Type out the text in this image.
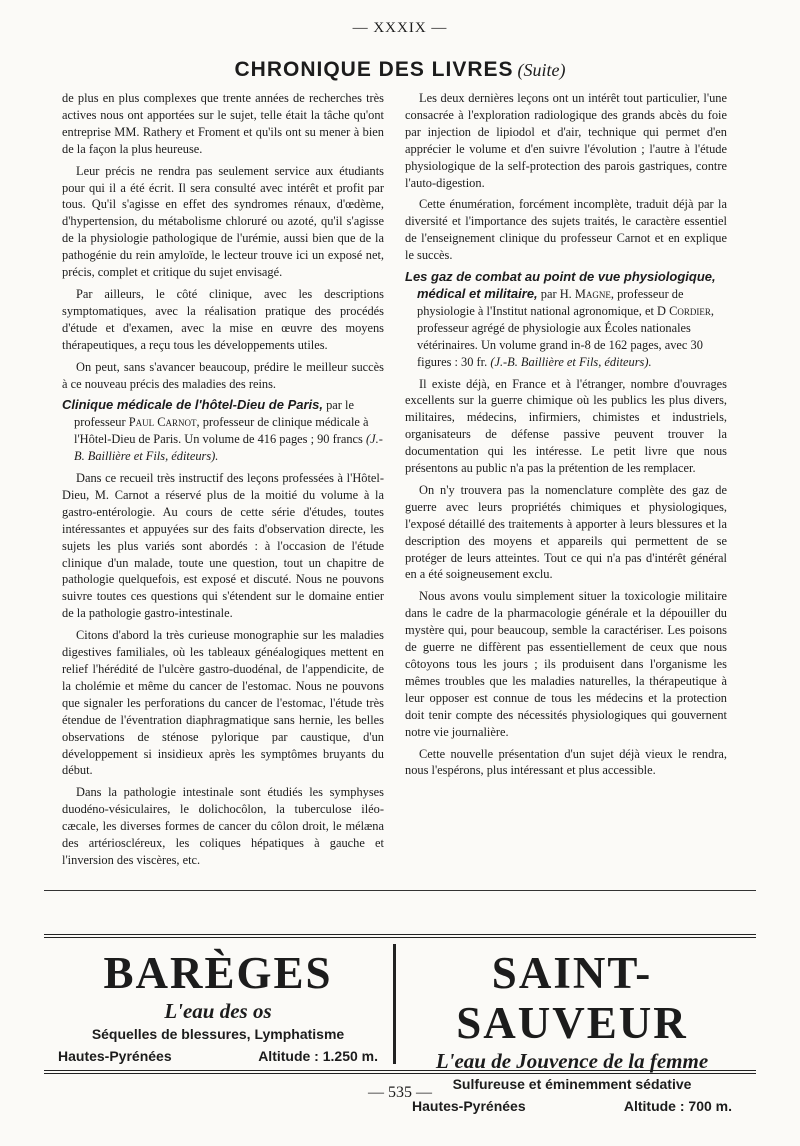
— XXXIX —
CHRONIQUE DES LIVRES (Suite)

de plus en plus complexes que trente années de recherches très actives nous ont apportées sur le sujet, telle était la tâche qu'ont entreprise MM. Rathery et Froment et qu'ils ont su mener à bien de la façon la plus heureuse.

Leur précis ne rendra pas seulement service aux étudiants pour qui il a été écrit. Il sera consulté avec intérêt et profit par tous. Qu'il s'agisse en effet des syndromes rénaux, d'œdème, d'hypertension, du métabolisme chloruré ou azoté, qu'il s'agisse de la physiologie pathologique de l'urémie, aussi bien que de la pathogénie du rein amyloïde, le lecteur trouve ici un exposé net, précis, complet et critique du sujet envisagé.

Par ailleurs, le côté clinique, avec les descriptions symptomatiques, avec la réalisation pratique des procédés d'étude et d'examen, avec la mise en œuvre des moyens thérapeutiques, a reçu tous les développements utiles.

On peut, sans s'avancer beaucoup, prédire le meilleur succès à ce nouveau précis des maladies des reins.

Clinique médicale de l'hôtel-Dieu de Paris, par le professeur Paul Carnot, professeur de clinique médicale à l'Hôtel-Dieu de Paris. Un volume de 416 pages ; 90 francs (J.-B. Baillière et Fils, éditeurs).

Dans ce recueil très instructif des leçons professées à l'Hôtel-Dieu, M. Carnot a réservé plus de la moitié du volume à la gastro-entérologie. Au cours de cette série d'études, toutes intéressantes et appuyées sur des faits d'observation directe, les sujets les plus variés sont abordés : à l'occasion de l'étude clinique d'un malade, toute une question, tout un chapitre de pathologie quelquefois, est exposé et discuté. Nous ne pouvons suivre toutes ces questions qui s'étendent sur le domaine entier de la pathologie gastro-intestinale.

Citons d'abord la très curieuse monographie sur les maladies digestives familiales, où les tableaux généalogiques mettent en relief l'hérédité de l'ulcère gastro-duodénal, de l'appendicite, de la cholémie et même du cancer de l'estomac. Nous ne pouvons que signaler les perforations du cancer de l'estomac, l'étude très étendue de l'éventration diaphragmatique sans hernie, les belles observations de sténose pylorique par caustique, d'un développement si insidieux après les symptômes bruyants du début.

Dans la pathologie intestinale sont étudiés les symphyses duodéno-vésiculaires, le dolichocôlon, la tuberculose iléo-cæcale, les diverses formes de cancer du côlon droit, le mélæna des artérioscléreux, les coliques hépatiques à gauche et l'inversion des viscères, etc.

Les deux dernières leçons ont un intérêt tout particulier, l'une consacrée à l'exploration radiologique des grands abcès du foie par injection de lipiodol et d'air, technique qui permet d'en apprécier le volume et d'en suivre l'évolution ; l'autre à l'étude physiologique de la self-protection des parois gastriques, contre l'auto-digestion.

Cette énumération, forcément incomplète, traduit déjà par la diversité et l'importance des sujets traités, le caractère essentiel de l'enseignement clinique du professeur Carnot et en explique le succès.

Les gaz de combat au point de vue physiologique, médical et militaire, par H. Magne, professeur de physiologie à l'Institut national agronomique, et D Cordier, professeur agrégé de physiologie aux Écoles nationales vétérinaires. Un volume grand in-8 de 162 pages, avec 30 figures : 30 fr. (J.-B. Baillière et Fils, éditeurs).

Il existe déjà, en France et à l'étranger, nombre d'ouvrages excellents sur la guerre chimique où les publics les plus divers, militaires, médecins, infirmiers, chimistes et industriels, organisateurs de défense passive peuvent trouver la documentation qui les intéresse. Le petit livre que nous présentons au public n'a pas la prétention de les remplacer.

On n'y trouvera pas la nomenclature complète des gaz de guerre avec leurs propriétés chimiques et physiologiques, l'exposé détaillé des traitements à apporter à leurs blessures et la description des moyens et appareils qui permettent de se protéger de leurs atteintes. Tout ce qui n'a pas d'intérêt général en a été soigneusement exclu.

Nous avons voulu simplement situer la toxicologie militaire dans le cadre de la pharmacologie générale et la dépouiller du mystère qui, pour beaucoup, semble la caractériser. Les poisons de guerre ne diffèrent pas essentiellement de ceux que nous côtoyons tous les jours ; ils produisent dans l'organisme les mêmes troubles que les maladies naturelles, la thérapeutique à leur opposer est connue de tous les médecins et la protection doit tenir compte des nécessités physiologiques qui gouvernent notre vie journalière.

Cette nouvelle présentation d'un sujet déjà vieux le rendra, nous l'espérons, plus intéressant et plus accessible.

BARÈGES
L'eau des os
Séquelles de blessures, Lymphatisme
Hautes-Pyrénées	Altitude : 1.250 m.
SAINT-SAUVEUR
L'eau de Jouvence de la femme
Sulfureuse et éminemment sédative
Hautes-Pyrénées	Altitude : 700 m.
— 535 —
